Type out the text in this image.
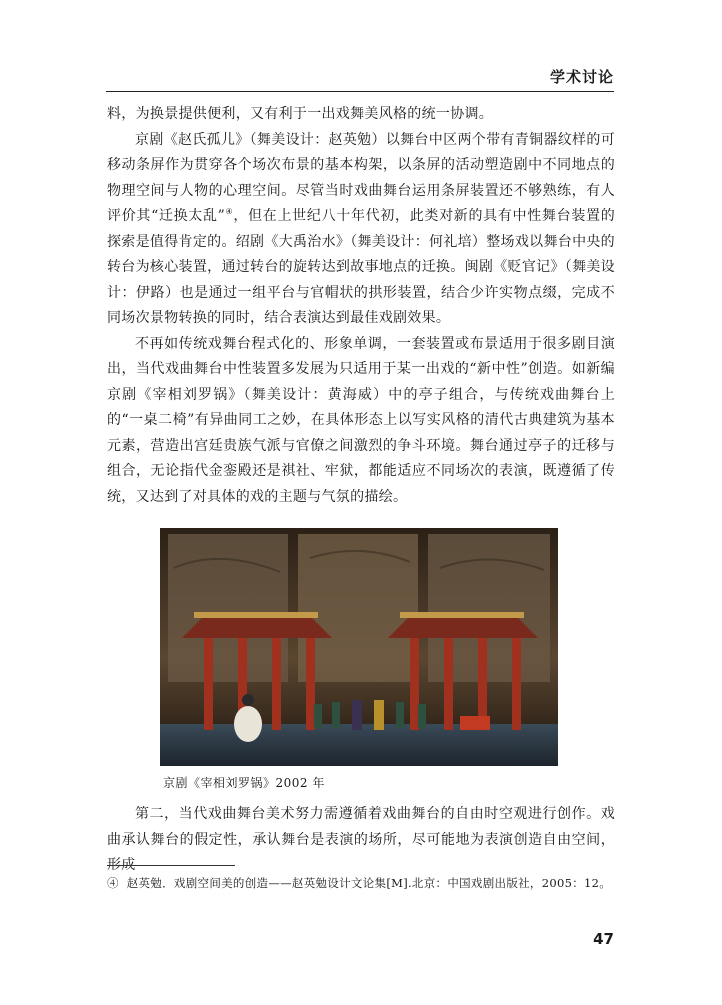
学术讨论

料，为换景提供便利，又有利于一出戏舞美风格的统一协调。

京剧《赵氏孤儿》（舞美设计：赵英勉）以舞台中区两个带有青铜器纹样的可移动条屏作为贯穿各个场次布景的基本构架，以条屏的活动塑造剧中不同地点的物理空间与人物的心理空间。尽管当时戏曲舞台运用条屏装置还不够熟练，有人评价其“迁换太乱”④，但在上世纪八十年代初，此类对新的具有中性舞台装置的探索是值得肯定的。绍剧《大禹治水》（舞美设计：何礼培）整场戏以舞台中央的转台为核心装置，通过转台的旋转达到故事地点的迁换。闽剧《贬官记》（舞美设计：伊路）也是通过一组平台与官帽状的拱形装置，结合少许实物点缀，完成不同场次景物转换的同时，结合表演达到最佳戏剧效果。

不再如传统戏舞台程式化的、形象单调，一套装置或布景适用于很多剧目演出，当代戏曲舞台中性装置多发展为只适用于某一出戏的“新中性”创造。如新编京剧《宰相刘罗锅》（舞美设计：黄海威）中的亭子组合，与传统戏曲舞台上的“一桌二椅”有异曲同工之妙，在具体形态上以写实风格的清代古典建筑为基本元素，营造出宫廷贵族气派与官僚之间激烈的争斗环境。舞台通过亭子的迁移与组合，无论指代金銮殿还是祺社、牢狱，都能适应不同场次的表演，既遵循了传统，又达到了对具体的戏的主题与气氛的描绘。

京剧《宰相刘罗锅》2002 年

第二，当代戏曲舞台美术努力需遵循着戏曲舞台的自由时空观进行创作。戏曲承认舞台的假定性，承认舞台是表演的场所，尽可能地为表演创造自由空间，形成

④ 赵英勉．戏剧空间美的创造——赵英勉设计文论集[M].北京：中国戏剧出版社，2005：12。
47
